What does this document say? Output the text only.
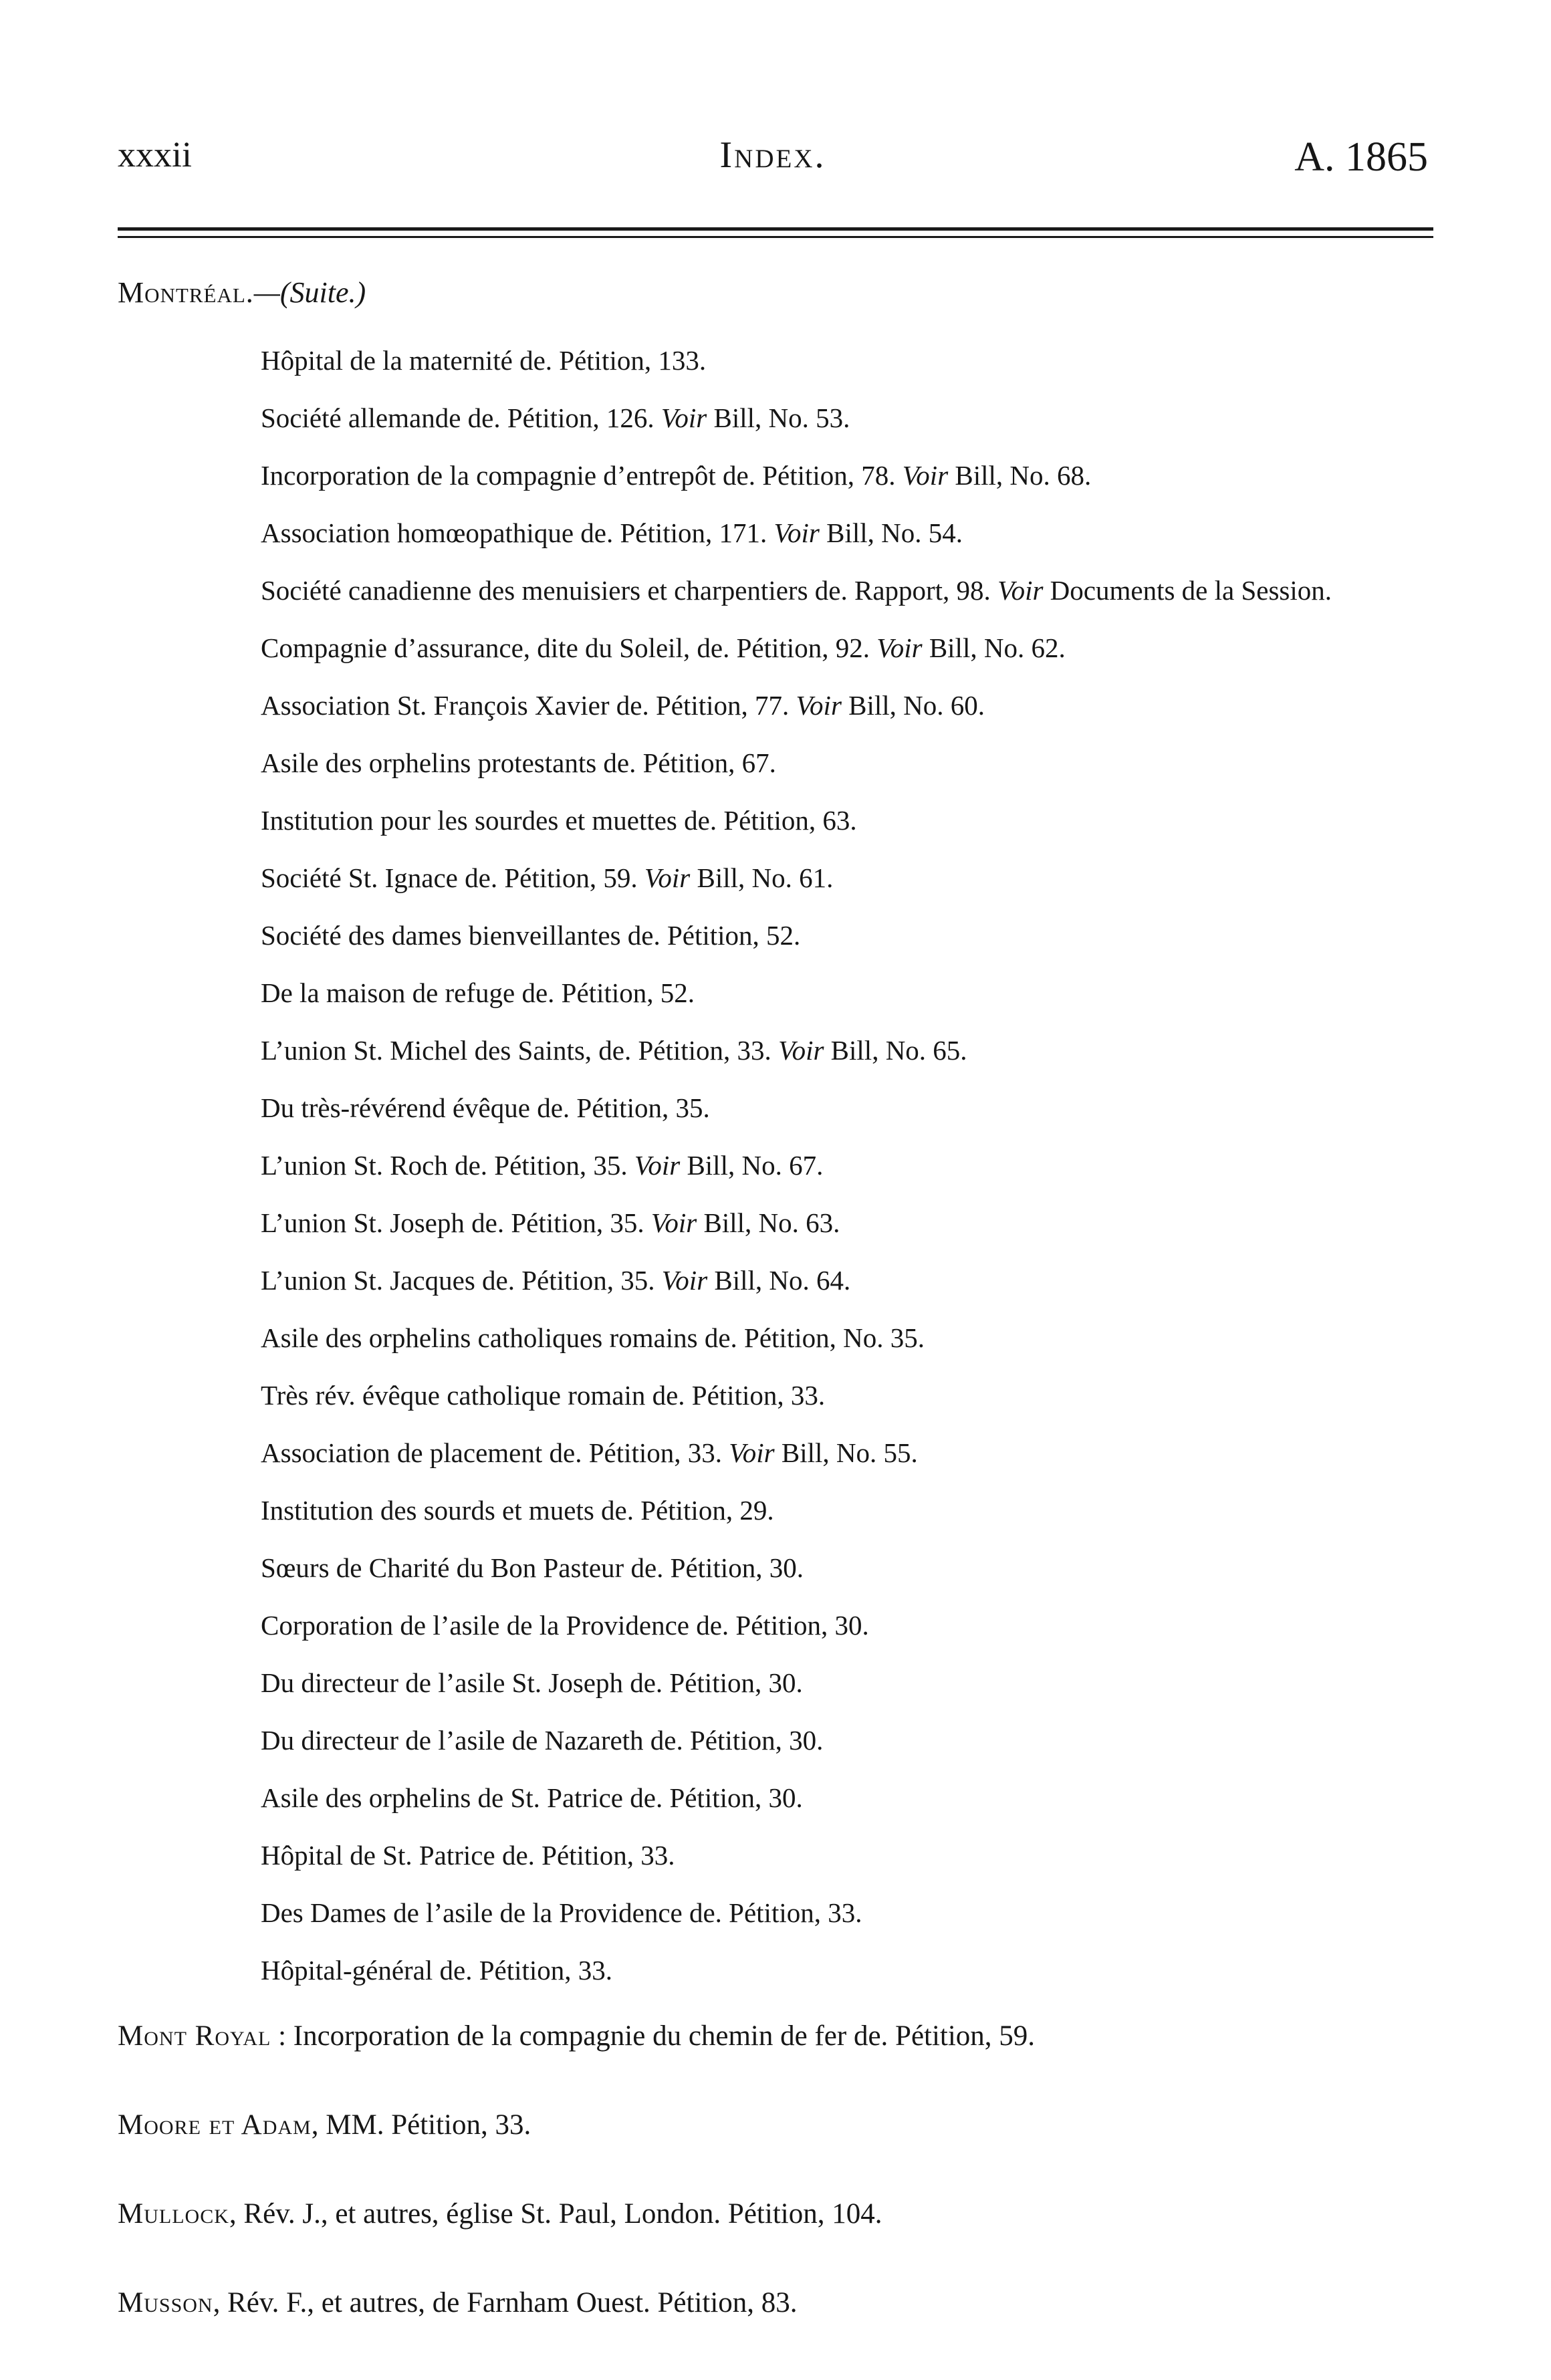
xxxii	Index.	A. 1865
Montréal.—(Suite.)
Hôpital de la maternité de. Pétition, 133.
Société allemande de. Pétition, 126. Voir Bill, No. 53.
Incorporation de la compagnie d’entrepôt de. Pétition, 78. Voir Bill, No. 68.
Association homœopathique de. Pétition, 171. Voir Bill, No. 54.
Société canadienne des menuisiers et charpentiers de. Rapport, 98. Voir Documents de la Session.
Compagnie d’assurance, dite du Soleil, de. Pétition, 92. Voir Bill, No. 62.
Association St. François Xavier de. Pétition, 77. Voir Bill, No. 60.
Asile des orphelins protestants de. Pétition, 67.
Institution pour les sourdes et muettes de. Pétition, 63.
Société St. Ignace de. Pétition, 59. Voir Bill, No. 61.
Société des dames bienveillantes de. Pétition, 52.
De la maison de refuge de. Pétition, 52.
L’union St. Michel des Saints, de. Pétition, 33. Voir Bill, No. 65.
Du très-révérend évêque de. Pétition, 35.
L’union St. Roch de. Pétition, 35. Voir Bill, No. 67.
L’union St. Joseph de. Pétition, 35. Voir Bill, No. 63.
L’union St. Jacques de. Pétition, 35. Voir Bill, No. 64.
Asile des orphelins catholiques romains de. Pétition, No. 35.
Très rév. évêque catholique romain de. Pétition, 33.
Association de placement de. Pétition, 33. Voir Bill, No. 55.
Institution des sourds et muets de. Pétition, 29.
Sœurs de Charité du Bon Pasteur de. Pétition, 30.
Corporation de l’asile de la Providence de. Pétition, 30.
Du directeur de l’asile St. Joseph de. Pétition, 30.
Du directeur de l’asile de Nazareth de. Pétition, 30.
Asile des orphelins de St. Patrice de. Pétition, 30.
Hôpital de St. Patrice de. Pétition, 33.
Des Dames de l’asile de la Providence de. Pétition, 33.
Hôpital-général de. Pétition, 33.
Mont Royal : Incorporation de la compagnie du chemin de fer de. Pétition, 59.
Moore et Adam, MM. Pétition, 33.
Mullock, Rév. J., et autres, église St. Paul, London. Pétition, 104.
Musson, Rév. F., et autres, de Farnham Ouest. Pétition, 83.
